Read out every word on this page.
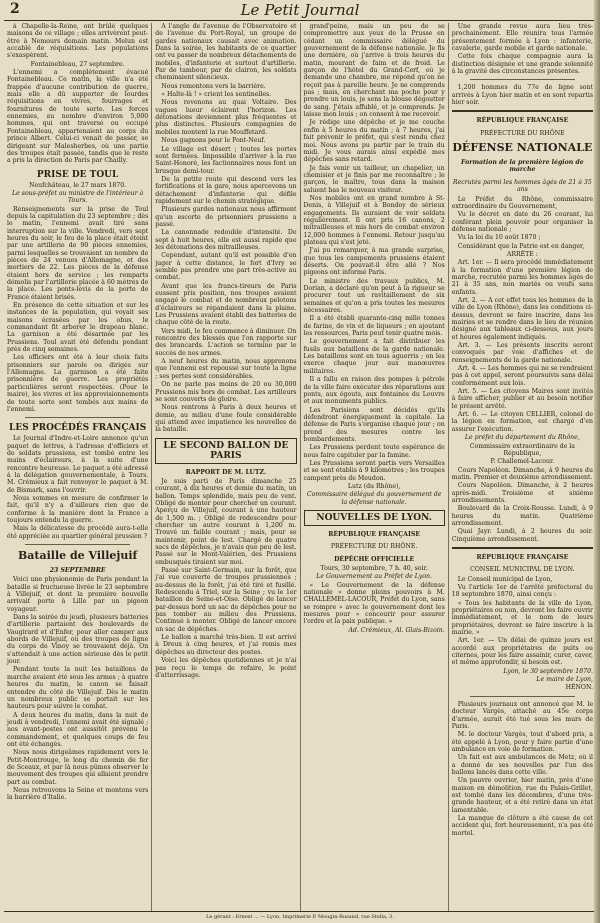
2	Le Petit Journal

à Chapelle-la-Reine, ont brûlé quelques maisons de ce village ; elles arrivèrent peut-être à Nemours demain matin. Melun est accablé de réquisitions. Les populations s'exaspèrent.

Fontainebleau, 27 septembre.

L'ennemi a complètement évacué Fontainebleau. Ce matin, la ville n'a été frappée d'aucune contribution de guerre, mais elle a dû supporter de lourdes réquisitions en vivres, fourrages et fournitures de toute sorte. Les forces ennemies, au nombre d'environ 5,000 hommes, qui ont traversé ou occupé Fontainebleau, appartenaient au corps du prince Albert. Celui-ci venait de passer, se dirigeant sur Malesherbes, où une partie des troupes était passée, tandis que le reste a pris la direction de Paris par Chailly.

PRISE DE TOUL

Neufchâteau, le 27 mars 1870.

Le sous-préfet au ministre de l'intérieur à Tours.

Renseignements sur la prise de Toul depuis la capitulation du 23 septembre ; dès le matin, l'ennemi avait tiré sans interruption sur la ville. Vendredi, vers sept heures du soir, le feu de la place était éteint par une artillerie de 90 pièces ennemies, parmi lesquelles se trouvaient un nombre de pièces de 24 venues d'Allemagne, et des mortiers de 22. Les pièces de la défense étaient hors de service ; les remparts démolis par l'artillerie placée à 60 mètres de la place. Les ponts-levis de la porte de France étaient brisés.

En présence de cette situation et sur les instances de la population, qui voyait ses maisons écrasées par les obus, le commandant fit arborer le drapeau blanc. La garnison a été désarmée par les Prussiens. Toul avait été défendu pendant près de cinq semaines.

Les officiers ont été à leur choix faits prisonniers sur parole ou dirigés sur l'Allemagne. La garnison a été faite prisonnière de guerre. Les propriétés particulières seront respectées. (Pour le maire), les vivres et les approvisionnements de toute sorte sont tombés aux mains de l'ennemi.

LES PROCÉDÉS FRANÇAIS

Le Journal d'Indre-et-Loire annonce qu'un paquet de lettres, à l'adresse d'officiers et de soldats prussiens, est tombé entre les mains d'éclaireurs, à la suite d'une rencontre heureuse. Le paquet a été adressé à la délégation gouvernementale, à Tours. M. Crémieux a fait renvoyer le paquet à M. de Bismark, sans l'ouvrir.

Nous sommes en mesure de confirmer le fait, qu'il n'y a d'ailleurs rien que de conforme à la manière dont la France a toujours entendu la guerre.

Mais la délicatesse du procédé aura-t-elle été appréciée au quartier général prussien ?

Bataille de Villejuif
23 SEPTEMBRE

Voici une physionomie de Paris pendant la bataille si fructueuse livrée le 23 septembre à Villejuif, et dont la première nouvelle arrivait porte à Lille par un pigeon voyageur.

Dans la soirée du jeudi, plusieurs batteries d'artillerie partaient des boulevards de Vaugirard et d'Enfer, pour aller camper aux abords de Villejuif, où des troupes de ligne du corps de Vinoy se trouvaient déjà. On s'attendait à une action sérieuse dès le petit jour.

Pendant toute la nuit les bataillons de marche avaient été sous les armes ; à quatre heures du matin, le canon se faisait entendre du côté de Villejuif. Dès le matin un nombreux public se portait sur les hauteurs pour suivre le combat.

A deux heures du matin, dans la nuit de jeudi à vendredi, l'ennemi avait été signalé ; nos avant-postes ont aussitôt prévenu le commandement, et quelques coups de feu ont été échangés.

Nous nous dirigeâmes rapidement vers le Petit-Montrouge, le long du chemin de fer de Sceaux, et par là nous pûmes observer le mouvement des troupes qui allaient prendre part au combat.

Nous retrouvons la Seine et montons vers la barrière d'Italie.

A l'angle de l'avenue de l'Observatoire et de l'avenue du Port-Royal, un groupe de gardes nationaux causait avec animation. Dans la soirée, les habitants de ce quartier ont vu passer de nombreux détachements de mobiles, d'infanterie et surtout d'artillerie. Par de tambour, par de clairon, les soldats cheminaient silencieux.

Nous remontons vers la barrière.

« Halte-là ! » crient les sentinelles.

Nous revenons au quai Voltaire. Des vagues lueur éclairent l'horizon. Les détonations deviennent plus fréquentes et plus distinctes. Plusieurs compagnies de mobiles montent la rue Mouffetard.

Nous gagnons pour le Pont-Neuf.

Le village est désert ; toutes les portes sont fermées. Impossible d'arriver à la rue Saint-Honoré, les factionnaires nous font un brusque demi-tour.

De la petite route qui descend vers les fortifications et la gare, nous apercevons un détachement d'infanterie qui défile rapidement sur le chemin stratégique.

Plusieurs gardes nationaux nous affirment qu'un escorte de prisonniers prussiens a passé.

La canonnade redouble d'intensité. De sept à huit heures, elle est aussi rapide que les détonations des mitrailleuses.

Cependant, autant qu'il est possible d'en juger à cette distance, le fort d'Ivry se semble pas prendre une part très-active au combat.

Avant que les francs-tireurs de Paris eussent pris position, nos troupes avaient engagé le combat et de nombreux pelotons d'éclaireurs se répandaient dans la plaine. Les Prussiens avaient établi des batteries de chaque côté de la route.

Vers midi, le feu commence à diminuer. On rencontre des blessés que l'on rapporte sur des brancards. L'action se termine par le succès de nos armes.

A neuf heures du matin, nous apprenons que l'ennemi est repoussé sur toute la ligne ; ses pertes sont considérables.

On ne parle pas moins de 20 ou 30,000 Prussiens mis hors de combat. Les artilleurs se sont couverts de gloire.

Nous rentrons à Paris à deux heures et demie, au milieu d'une foule considérable qui attend avec impatience les nouvelles de la bataille.

LE SECOND BALLON DE PARIS
RAPPORT DE M. LUTZ.

Je suis parti de Paris dimanche 25 courant, à dix heures et demie du matin, un ballon. Temps splendide, mais peu de vent. Obligé de monter pour chercher un courant. Aperçu de Villejuif, courant à une hauteur de 1,500 m. ; Obligé de redescendre pour chercher un autre courant à 1,200 m. Trouvé un faible courant ; mais, pour se maintenir, point de lest. Chargé de quatre sacs de dépêches, je n'avais que peu de lest. Passé sur le Mont-Valérien, des Prussiens embusqués tiraient sur moi.

Passé sur Saint-Germain, sur la forêt, que j'ai vue couverte de troupes prussiennes ; au-dessus de la forêt, j'ai été tiré et fusillé. Redescendu à Triel, sur la Seine ; vu le 1er bataillon de Seine-et-Oise. Obligé de lancer par-dessus bord un sac de dépêches pour ne pas tomber au milieu des Prussiens. Continué à monter. Obligé de lancer encore un sac de dépêches.

Le ballon a marché très-bien. Il est arrivé à Dreux à cinq heures, et j'ai remis mes dépêches au directeur des postes.

Voici les dépêches quotidiennes et je n'ai pas reçu le temps de refaire, le point d'atterrissage.

grand'peine, mais un peu de se compromettre aux yeux de la Prusse en cédant un commissaire délégué du gouvernement de la défense nationale. Je fis une dernière, où j'arrive à trois heures du matin, mourant de faim et de froid. Le garçon de l'hôtel du Grand-Cerf, où je demande une chambre, me répond qu'on ne reçoit pas à pareille heure. Je ne comprends pas ; mais, en cherchant ma poche pour y prendre un louis, je sens la blouse dégoutter de sang. J'étais affublé, et je comprends. Je laisse mon louis ; on consent à me recevoir.

Je rédige une dépêche et je me couche enfin à 5 heures du matin ; à 7 heures, j'ai fait prévenir le préfet, qui s'est rendu chez moi. Nous avons pu partir par le train du midi. Je vous aurais ainsi expédié mes dépêches sans retard.

Je fais venir un tailleur, un chapelier, un chemisier et je finis par me reconnaître ; le garçon, le maître, tous dans la maison saluent bas le nouveau visiteur.

Nos mobiles ont en grand nombre à St-Denis, à Villejuif et à Bondoy de sérieux engagements. Ils auraient de voir soldats régulièrement. Il ont pris 16 canons, 2 mitrailleuses et mis hors de combat environ 12,000 hommes à l'ennemi. Retour jusqu'au plateau qui s'est jeté.

J'ai pu remarquer, à ma grande surprise, que tous les campements prussiens étaient déserts. On pouvait-il être allé ? Nos pigeons ont informé Paris.

Le ministre des travaux publics, M. Dorian, a déclaré qu'on peut à la rigueur se procurer tout un ravitaillement de six semaines et qu'on a pris toutes les mesures nécessaires.

Il a été établi quarante-cinq mille tonnes de farine, de vin et de liqueurs ; en ajoutant les ressources, Paris peut tenir quatre mois.

Le gouvernement a fait distribuer les fusils aux bataillons de la garde nationale. Les bataillons sont en tous aguerris ; on les exerce chaque jour aux manœuvres militaires.

Il a fallu en raison des pompes à pétrole de la ville faire exécuter des réparations aux ponts, aux égouts, aux fontaines du Louvre et aux monuments publics.

Les Parisiens sont décidés qu'ils défendront énergiquement la capitale. La défense de Paris s'organise chaque jour ; on prend des mesures contre les bombardements.

Les Prussiens perdent toute espérance de nous faire capituler par la famine.

Les Prussiens seront partis vers Versailles et se sont établis à 9 kilomètres ; les troupes campent près de Meudon.

Lutz (du Rhône),

Commissaire délégué du gouvernement de la défense nationale.

NOUVELLES DE LYON.
RÉPUBLIQUE FRANÇAISE
PRÉFECTURE DU RHÔNE.
DÉPÊCHE OFFICIELLE

Tours, 30 septembre, 7 h. 40, soir.

Le Gouvernement au Préfet de Lyon.

« Le Gouvernement de la défense nationale » donne pleins pouvoirs à M. CHALLEMEL-LACOUR, Préfet du Lyon, sans se rompre » avec le gouvernement dont les mesures pour » concourir pour assurer l'ordre et la paix publique. »

Ad. Crémieux, Al. Glais-Bizoin.

Une grande revue aura lieu très-prochainement. Elle réunira tous l'armée présentement formée à Lyon : infanterie, cavalerie, garde mobile et garde nationale.

Cette fois chaque compagnie aura la distinction désignée et une grande solennité à la gravité des circonstances présentes.

1,200 hommes du 77e de ligne sont arrivés à Lyon hier matin et en sont repartis hier soir.

RÉPUBLIQUE FRANÇAISE
PRÉFECTURE DU RHÔNE
DÉFENSE NATIONALE
Formation de la première légion de marche
Recrutés parmi les hommes âgés de 21 à 35 ans

Le Préfet du Rhône, commissaire extraordinaire du Gouvernement,

Vu le décret en date du 26 courant, lui conférant plein pouvoir pour organiser la défense nationale ;

Vu la loi du 10 août 1870 ;

Considérant que la Patrie est en danger,

ARRÊTE :

Art. 1er. — Il sera procédé immédiatement à la formation d'une première légion de marche, recrutée parmi les hommes âgés de 21 à 35 ans, non mariés ou veufs sans enfants.

Art. 2. — A cet effet tous les hommes de la ville de Lyon (Rhône), dans les conditions ci-dessus, devront se faire inscrire, dans les mairies et se rendre dans le lieu de réunion désigné aux tableaux ci-dessous, aux jours et heures également indiqués.

Art. 3. — Les présents inscrits seront convoqués par voie d'affiches et de renseignements de la garde nationale.

Art. 4. — Les hommes qui ne se rendraient pas à cet appel, seront poursuivis sans délai conformément aux lois.

Art. 5. — Les citoyens Maires sont invités à faire afficher, publier et au besoin notifier le présent arrêté.

Art. 6. — Le citoyen CELLIER, colonel de la légion en formation, est chargé d'en assurer l'exécution.

Le préfet du département du Rhône,

Commissaire extraordinaire de la République,

P. Challemel-Lacour.

Cours Napoléon. Dimanche, à 9 heures du matin. Premier et deuxième arrondissement.

Cours Napoléon. Dimanche, à 2 heures après-midi. Troisième et sixième arrondissements.

Boulevard de la Croix-Rousse. Lundi, à 9 heures du matin. Quatrième arrondissement.

Quai Jayr. Lundi, à 2 heures du soir. Cinquième arrondissement.

RÉPUBLIQUE FRANÇAISE
CONSEIL MUNICIPAL DE LYON.

Le Conseil municipal de Lyon,

Vu l'article 1er de l'arrêté préfectoral du 18 septembre 1870, ainsi conçu :

« Tous les habitants de la ville de Lyon, propriétaires ou non, devront les faire ouvrir immédiatement, et le nom de leurs propriétaires, devront se faire inscrire à la mairie. »

Art. 1er. — Un délai de quinze jours est accordé aux propriétaires de puits ou citernes, pour les faire assainir, curer, caver, et même approfondir, si besoin est.

Lyon, le 30 septembre 1870.

Le maire de Lyon,

HÉNON.

Plusieurs journaux ont annoncé que M. le docteur Vargès, attaché au 45e corps d'armée, aurait été tué sous les murs de Paris.

M. le docteur Vargès, tout d'abord pris, a été appelé à Lyon, pour y faire partie d'une ambulance en voie de formation.

Un fait est aux ambulances de Metz, où il a donné de ses nouvelles par l'un des ballons lancés dans cette ville.

Un pauvre ouvrier, hier matin, près d'une maison en démolition, rue du Palais-Grillet, est tombé dans les décombres, d'une très-grande hauteur, et a été retiré dans un état lamentable.

La manque de clôture a été cause de cet accident qui, fort heureusement, n'a pas été mortel.

Le gérant : Ernest ... — Lyon, Imprimerie P. Mougin-Rusand, rue Stella, 3.
